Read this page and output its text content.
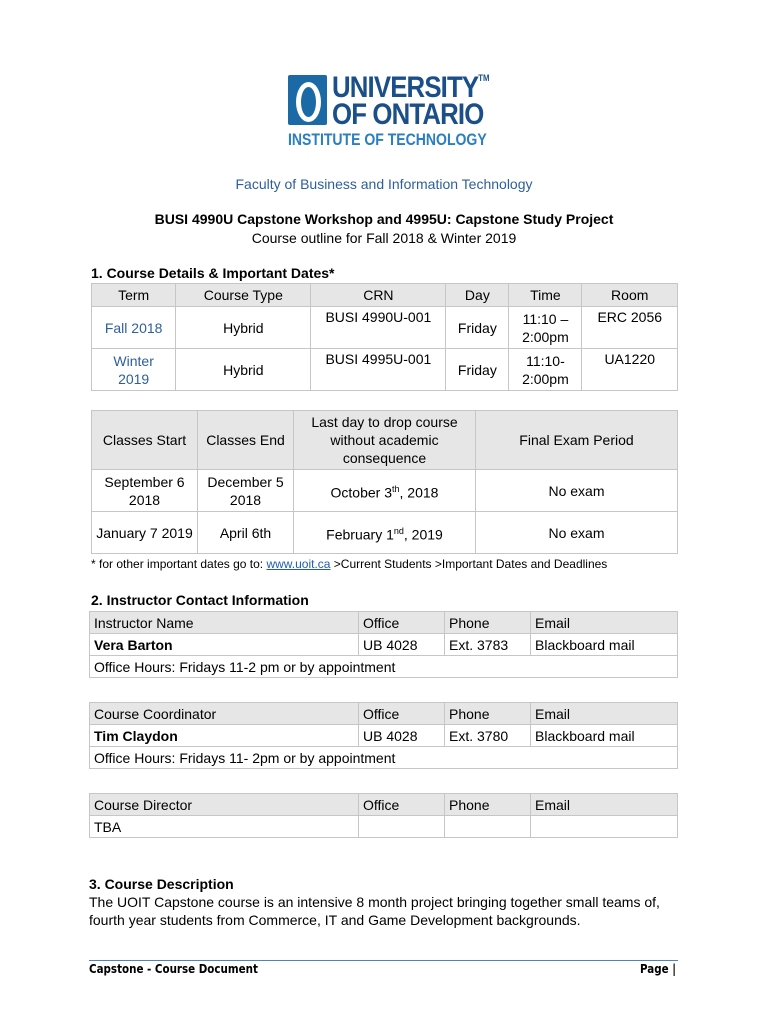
UNIVERSITY™
OF ONTARIO
INSTITUTE OF TECHNOLOGY
Faculty of Business and Information Technology
BUSI 4990U Capstone Workshop and 4995U: Capstone Study Project
Course outline for Fall 2018 & Winter 2019
1. Course Details & Important Dates*
Term	Course Type	CRN	Day	Time	Room
Fall 2018	Hybrid	BUSI 4990U-001	Friday	11:10 – 2:00pm	ERC 2056
Winter 2019	Hybrid	BUSI 4995U-001	Friday	11:10-2:00pm	UA1220
Classes Start	Classes End	Last day to drop course without academic consequence	Final Exam Period
September 6 2018	December 5 2018	October 3th, 2018	No exam
January 7 2019	April 6th	February 1nd, 2019	No exam
* for other important dates go to: www.uoit.ca >Current Students >Important Dates and Deadlines
2. Instructor Contact Information
Instructor Name	Office	Phone	Email
Vera Barton	UB 4028	Ext. 3783	Blackboard mail
Office Hours: Fridays 11-2 pm or by appointment			
Course Coordinator	Office	Phone	Email
Tim Claydon	UB 4028	Ext. 3780	Blackboard mail
Office Hours: Fridays 11- 2pm or by appointment			
Course Director	Office	Phone	Email
TBA			
3. Course Description
The UOIT Capstone course is an intensive 8 month project bringing together small teams of, fourth year students from Commerce, IT and Game Development backgrounds.
Capstone - Course Document	Page |
